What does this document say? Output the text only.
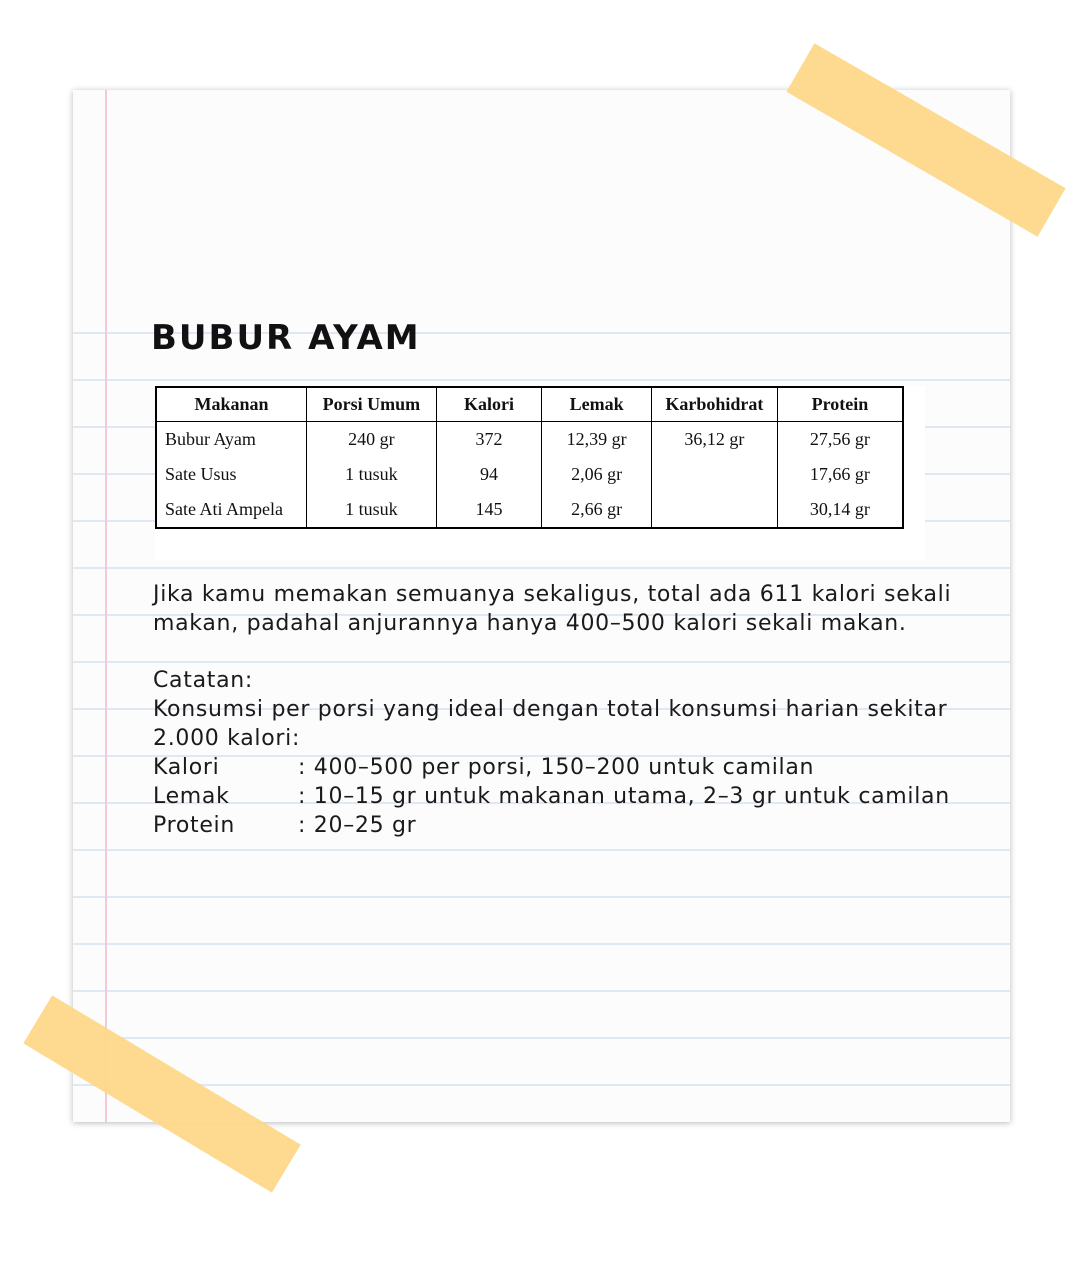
BUBUR AYAM
Makanan	Porsi Umum	Kalori	Lemak	Karbohidrat	Protein
Bubur Ayam	240 gr	372	12,39 gr	36,12 gr	27,56 gr
Sate Usus	1 tusuk	94	2,06 gr		17,66 gr
Sate Ati Ampela	1 tusuk	145	2,66 gr		30,14 gr

Jika kamu memakan semuanya sekaligus, total ada 611 kalori sekali makan, padahal anjurannya hanya 400–500 kalori sekali makan.

Catatan:
Konsumsi per porsi yang ideal dengan total konsumsi harian sekitar 2.000 kalori:
Kalori	: 400–500 per porsi, 150–200 untuk camilan
Lemak	: 10–15 gr untuk makanan utama, 2–3 gr untuk camilan
Protein	: 20–25 gr
